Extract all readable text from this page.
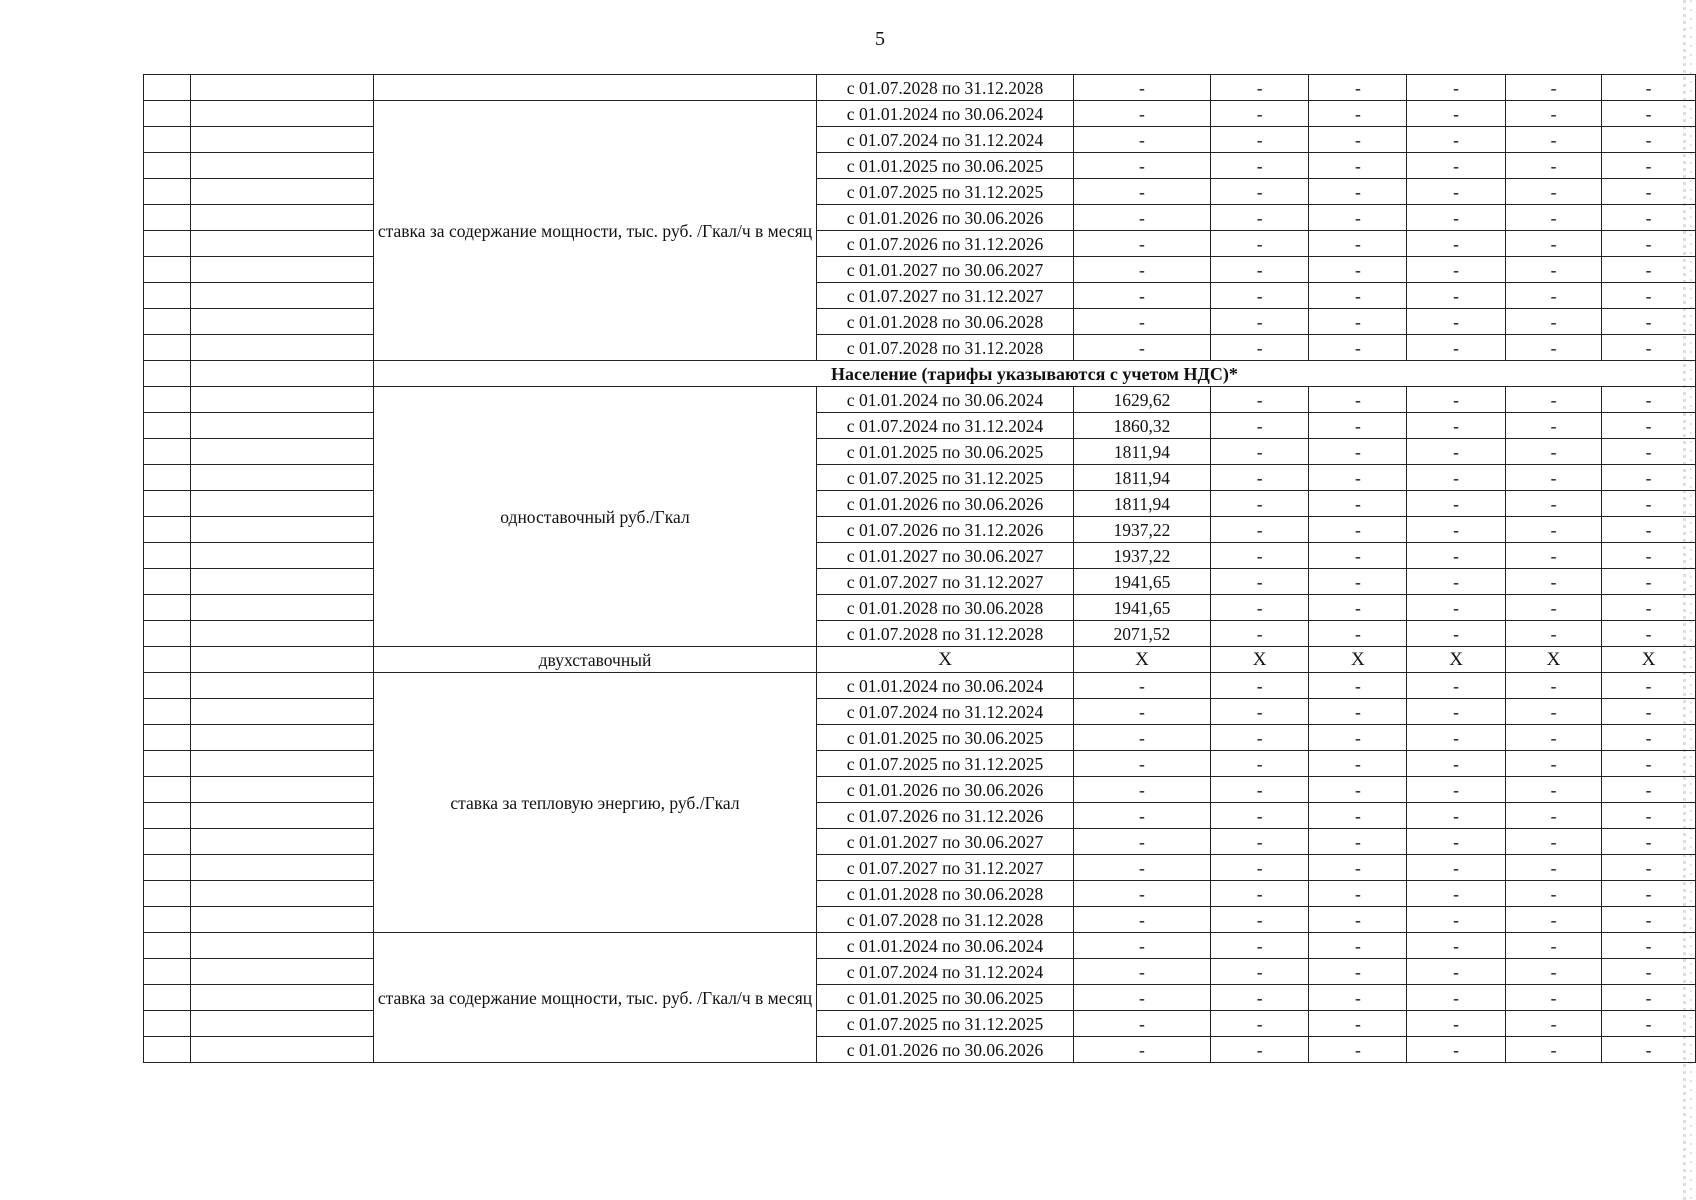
5
			с 01.07.2028 по 31.12.2028	-	-	-	-	-	-
		ставка за содержание мощности, тыс. руб. /Гкал/ч в месяц	с 01.01.2024 по 30.06.2024	-	-	-	-	-	-
			с 01.07.2024 по 31.12.2024	-	-	-	-	-	-
			с 01.01.2025 по 30.06.2025	-	-	-	-	-	-
			с 01.07.2025 по 31.12.2025	-	-	-	-	-	-
			с 01.01.2026 по 30.06.2026	-	-	-	-	-	-
			с 01.07.2026 по 31.12.2026	-	-	-	-	-	-
			с 01.01.2027 по 30.06.2027	-	-	-	-	-	-
			с 01.07.2027 по 31.12.2027	-	-	-	-	-	-
			с 01.01.2028 по 30.06.2028	-	-	-	-	-	-
			с 01.07.2028 по 31.12.2028	-	-	-	-	-	-
		Население (тарифы указываются с учетом НДС)*							
		одноставочный руб./Гкал	с 01.01.2024 по 30.06.2024	1629,62	-	-	-	-	-
			с 01.07.2024 по 31.12.2024	1860,32	-	-	-	-	-
			с 01.01.2025 по 30.06.2025	1811,94	-	-	-	-	-
			с 01.07.2025 по 31.12.2025	1811,94	-	-	-	-	-
			с 01.01.2026 по 30.06.2026	1811,94	-	-	-	-	-
			с 01.07.2026 по 31.12.2026	1937,22	-	-	-	-	-
			с 01.01.2027 по 30.06.2027	1937,22	-	-	-	-	-
			с 01.07.2027 по 31.12.2027	1941,65	-	-	-	-	-
			с 01.01.2028 по 30.06.2028	1941,65	-	-	-	-	-
			с 01.07.2028 по 31.12.2028	2071,52	-	-	-	-	-
		двухставочный	X	X	X	X	X	X	X
		ставка за тепловую энергию, руб./Гкал	с 01.01.2024 по 30.06.2024	-	-	-	-	-	-
			с 01.07.2024 по 31.12.2024	-	-	-	-	-	-
			с 01.01.2025 по 30.06.2025	-	-	-	-	-	-
			с 01.07.2025 по 31.12.2025	-	-	-	-	-	-
			с 01.01.2026 по 30.06.2026	-	-	-	-	-	-
			с 01.07.2026 по 31.12.2026	-	-	-	-	-	-
			с 01.01.2027 по 30.06.2027	-	-	-	-	-	-
			с 01.07.2027 по 31.12.2027	-	-	-	-	-	-
			с 01.01.2028 по 30.06.2028	-	-	-	-	-	-
			с 01.07.2028 по 31.12.2028	-	-	-	-	-	-
		ставка за содержание мощности, тыс. руб. /Гкал/ч в месяц	с 01.01.2024 по 30.06.2024	-	-	-	-	-	-
			с 01.07.2024 по 31.12.2024	-	-	-	-	-	-
			с 01.01.2025 по 30.06.2025	-	-	-	-	-	-
			с 01.07.2025 по 31.12.2025	-	-	-	-	-	-
			с 01.01.2026 по 30.06.2026	-	-	-	-	-	-
